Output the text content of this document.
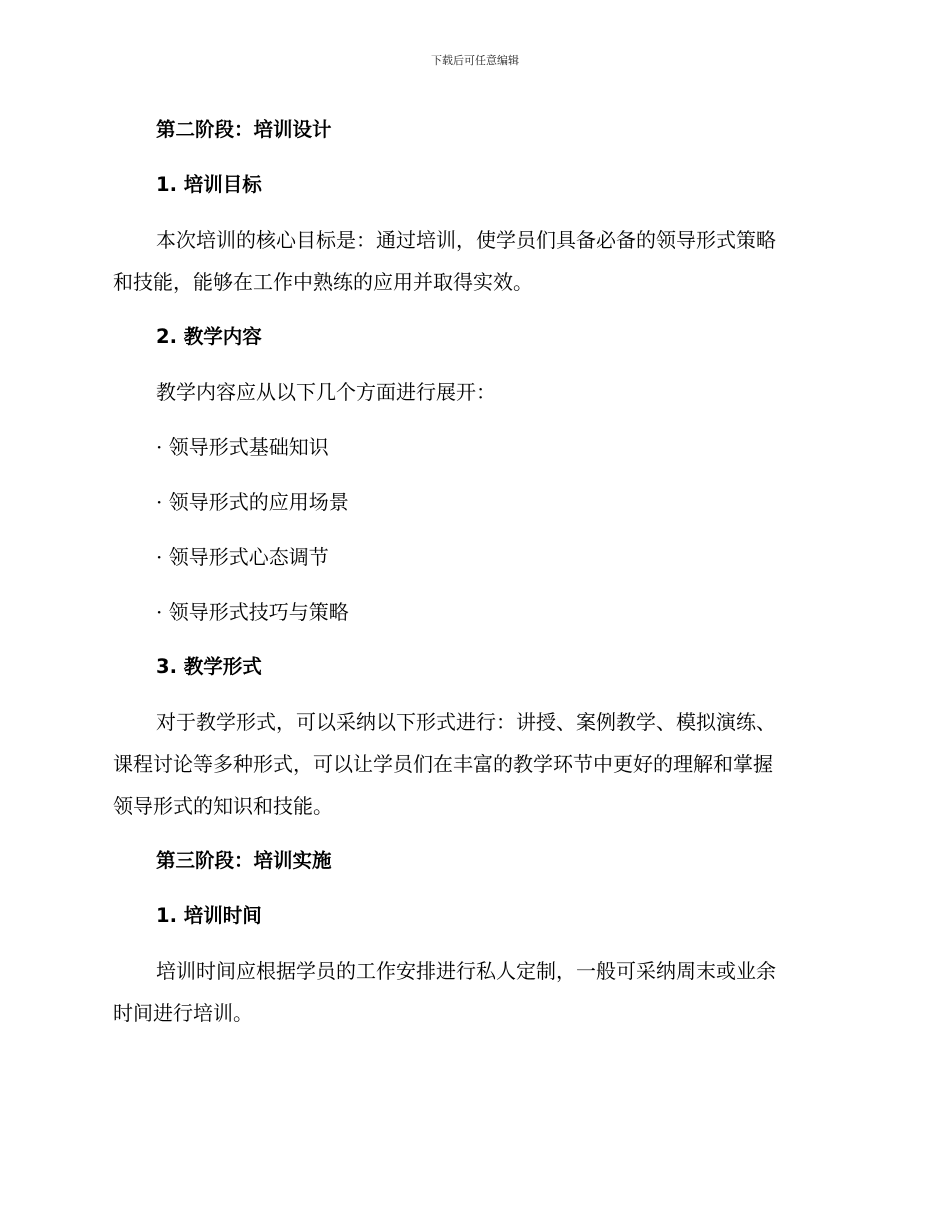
下载后可任意编辑
第二阶段：培训设计
1. 培训目标
本次培训的核心目标是：通过培训，使学员们具备必备的领导形式策略
和技能，能够在工作中熟练的应用并取得实效。
2. 教学内容
教学内容应从以下几个方面进行展开：
· 领导形式基础知识
· 领导形式的应用场景
· 领导形式心态调节
· 领导形式技巧与策略
3. 教学形式
对于教学形式，可以采纳以下形式进行：讲授、案例教学、模拟演练、
课程讨论等多种形式，可以让学员们在丰富的教学环节中更好的理解和掌握
领导形式的知识和技能。
第三阶段：培训实施
1. 培训时间
培训时间应根据学员的工作安排进行私人定制，一般可采纳周末或业余
时间进行培训。
